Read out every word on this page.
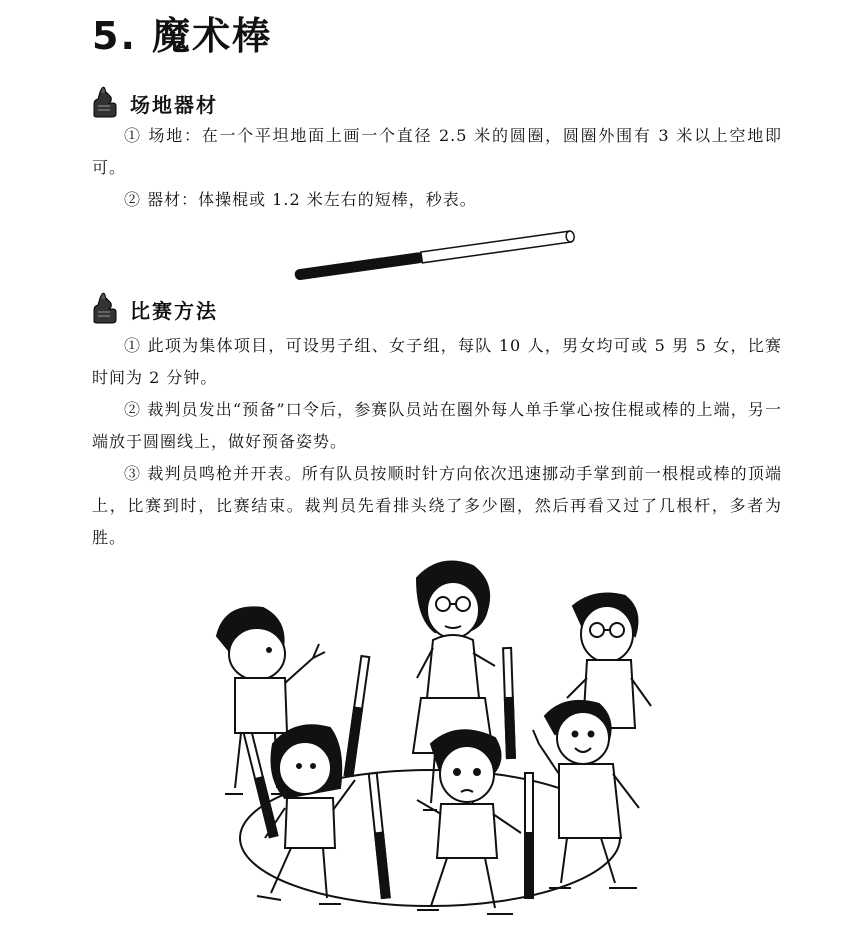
5. 魔术棒
场地器材

① 场地：在一个平坦地面上画一个直径 2.5 米的圆圈，圆圈外围有 3 米以上空地即可。

② 器材：体操棍或 1.2 米左右的短棒，秒表。

比赛方法

① 此项为集体项目，可设男子组、女子组，每队 10 人，男女均可或 5 男 5 女，比赛时间为 2 分钟。

② 裁判员发出“预备”口令后，参赛队员站在圈外每人单手掌心按住棍或棒的上端，另一端放于圆圈线上，做好预备姿势。

③ 裁判员鸣枪并开表。所有队员按顺时针方向依次迅速挪动手掌到前一根棍或棒的顶端上，比赛到时，比赛结束。裁判员先看排头绕了多少圈，然后再看又过了几根杆，多者为胜。
